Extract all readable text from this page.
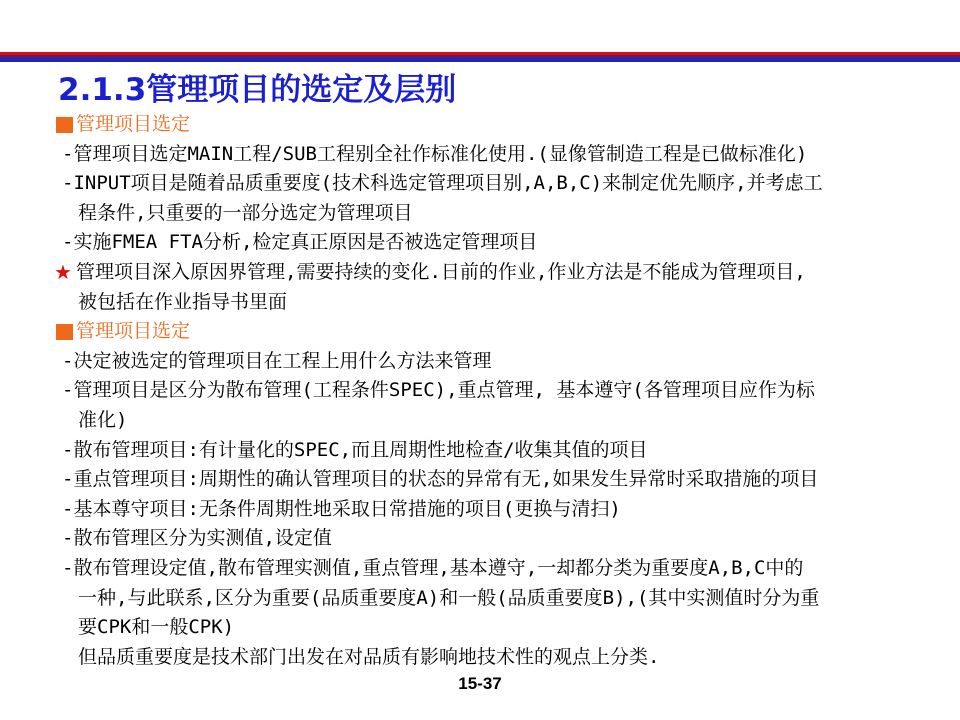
2.1.3管理项目的选定及层别
管理项目选定
-管理项目选定MAIN工程/SUB工程别全社作标准化使用.(显像管制造工程是已做标准化)
-INPUT项目是随着品质重要度(技术科选定管理项目别,A,B,C)来制定优先顺序,并考虑工
程条件,只重要的一部分选定为管理项目
-实施FMEA FTA分析,检定真正原因是否被选定管理项目
★ 管理项目深入原因界管理,需要持续的变化.日前的作业,作业方法是不能成为管理项目,
被包括在作业指导书里面
管理项目选定
-决定被选定的管理项目在工程上用什么方法来管理
-管理项目是区分为散布管理(工程条件SPEC),重点管理, 基本遵守(各管理项目应作为标
准化)
-散布管理项目:有计量化的SPEC,而且周期性地检查/收集其值的项目
-重点管理项目:周期性的确认管理项目的状态的异常有无,如果发生异常时采取措施的项目
-基本尊守项目:无条件周期性地采取日常措施的项目(更换与清扫)
-散布管理区分为实测值,设定值
-散布管理设定值,散布管理实测值,重点管理,基本遵守,一却都分类为重要度A,B,C中的
一种,与此联系,区分为重要(品质重要度A)和一般(品质重要度B),(其中实测值时分为重
要CPK和一般CPK)
但品质重要度是技术部门出发在对品质有影响地技术性的观点上分类.
15-37
